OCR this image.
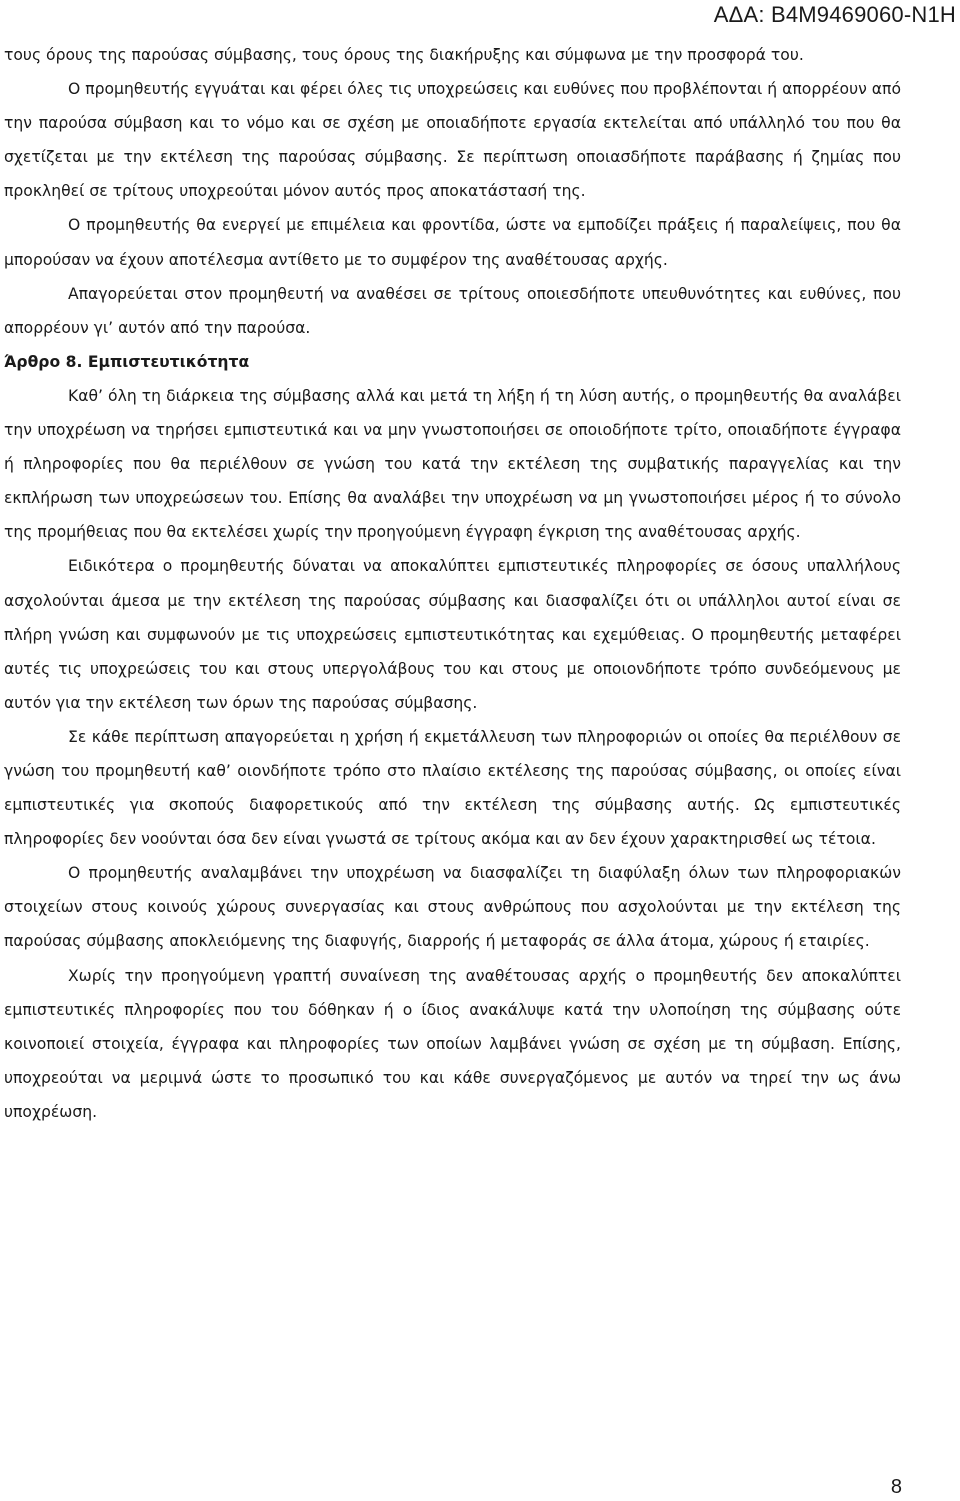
ΑΔΑ: Β4Μ9469060-Ν1Η

τους όρους της παρούσας σύμβασης, τους όρους της διακήρυξης και σύμφωνα με την προσφορά του.

Ο προμηθευτής εγγυάται και φέρει όλες τις υποχρεώσεις και ευθύνες που προβλέπονται ή απορρέουν από την παρούσα σύμβαση και το νόμο και σε σχέση με οποιαδήποτε εργασία εκτελείται από υπάλληλό του που θα σχετίζεται με την εκτέλεση της παρούσας σύμβασης. Σε περίπτωση οποιασδήποτε παράβασης ή ζημίας που προκληθεί σε τρίτους υποχρεούται μόνον αυτός προς αποκατάστασή της.

Ο προμηθευτής θα ενεργεί με επιμέλεια και φροντίδα, ώστε να εμποδίζει πράξεις ή παραλείψεις, που θα μπορούσαν να έχουν αποτέλεσμα αντίθετο με το συμφέρον της αναθέτουσας αρχής.

Απαγορεύεται στον προμηθευτή να αναθέσει σε τρίτους οποιεσδήποτε υπευθυνότητες και ευθύνες, που απορρέουν γι’ αυτόν από την παρούσα.

Άρθρο 8. Εμπιστευτικότητα

Καθ’ όλη τη διάρκεια της σύμβασης αλλά και μετά τη λήξη ή τη λύση αυτής, ο προμηθευτής θα αναλάβει την υποχρέωση να τηρήσει εμπιστευτικά και να μην γνωστοποιήσει σε οποιοδήποτε τρίτο, οποιαδήποτε έγγραφα ή πληροφορίες που θα περιέλθουν σε γνώση του κατά την εκτέλεση της συμβατικής παραγγελίας και την εκπλήρωση των υποχρεώσεων του. Επίσης θα αναλάβει την υποχρέωση να μη γνωστοποιήσει μέρος ή το σύνολο της προμήθειας που θα εκτελέσει χωρίς την προηγούμενη έγγραφη έγκριση της αναθέτουσας αρχής.

Ειδικότερα ο προμηθευτής δύναται να αποκαλύπτει εμπιστευτικές πληροφορίες σε όσους υπαλλήλους ασχολούνται άμεσα με την εκτέλεση της παρούσας σύμβασης και διασφαλίζει ότι οι υπάλληλοι αυτοί είναι σε πλήρη γνώση και συμφωνούν με τις υποχρεώσεις εμπιστευτικότητας και εχεμύθειας. Ο προμηθευτής μεταφέρει αυτές τις υποχρεώσεις του και στους υπεργολάβους του και στους με οποιονδήποτε τρόπο συνδεόμενους με αυτόν για την εκτέλεση των όρων της παρούσας σύμβασης.

Σε κάθε περίπτωση απαγορεύεται η χρήση ή εκμετάλλευση των πληροφοριών οι οποίες θα περιέλθουν σε γνώση του προμηθευτή καθ’ οιονδήποτε τρόπο στο πλαίσιο εκτέλεσης της παρούσας σύμβασης, οι οποίες είναι εμπιστευτικές για σκοπούς διαφορετικούς από την εκτέλεση της σύμβασης αυτής. Ως εμπιστευτικές πληροφορίες δεν νοούνται όσα δεν είναι γνωστά σε τρίτους ακόμα και αν δεν έχουν χαρακτηρισθεί ως τέτοια.

Ο προμηθευτής αναλαμβάνει την υποχρέωση να διασφαλίζει τη διαφύλαξη όλων των πληροφοριακών στοιχείων στους κοινούς χώρους συνεργασίας και στους ανθρώπους που ασχολούνται με την εκτέλεση της παρούσας σύμβασης αποκλειόμενης της διαφυγής, διαρροής ή μεταφοράς σε άλλα άτομα, χώρους ή εταιρίες.

Χωρίς την προηγούμενη γραπτή συναίνεση της αναθέτουσας αρχής ο προμηθευτής δεν αποκαλύπτει εμπιστευτικές πληροφορίες που του δόθηκαν ή ο ίδιος ανακάλυψε κατά την υλοποίηση της σύμβασης ούτε κοινοποιεί στοιχεία, έγγραφα και πληροφορίες των οποίων λαμβάνει γνώση σε σχέση με τη σύμβαση. Επίσης, υποχρεούται να μεριμνά ώστε το προσωπικό του και κάθε συνεργαζόμενος με αυτόν να τηρεί την ως άνω υποχρέωση.

8
